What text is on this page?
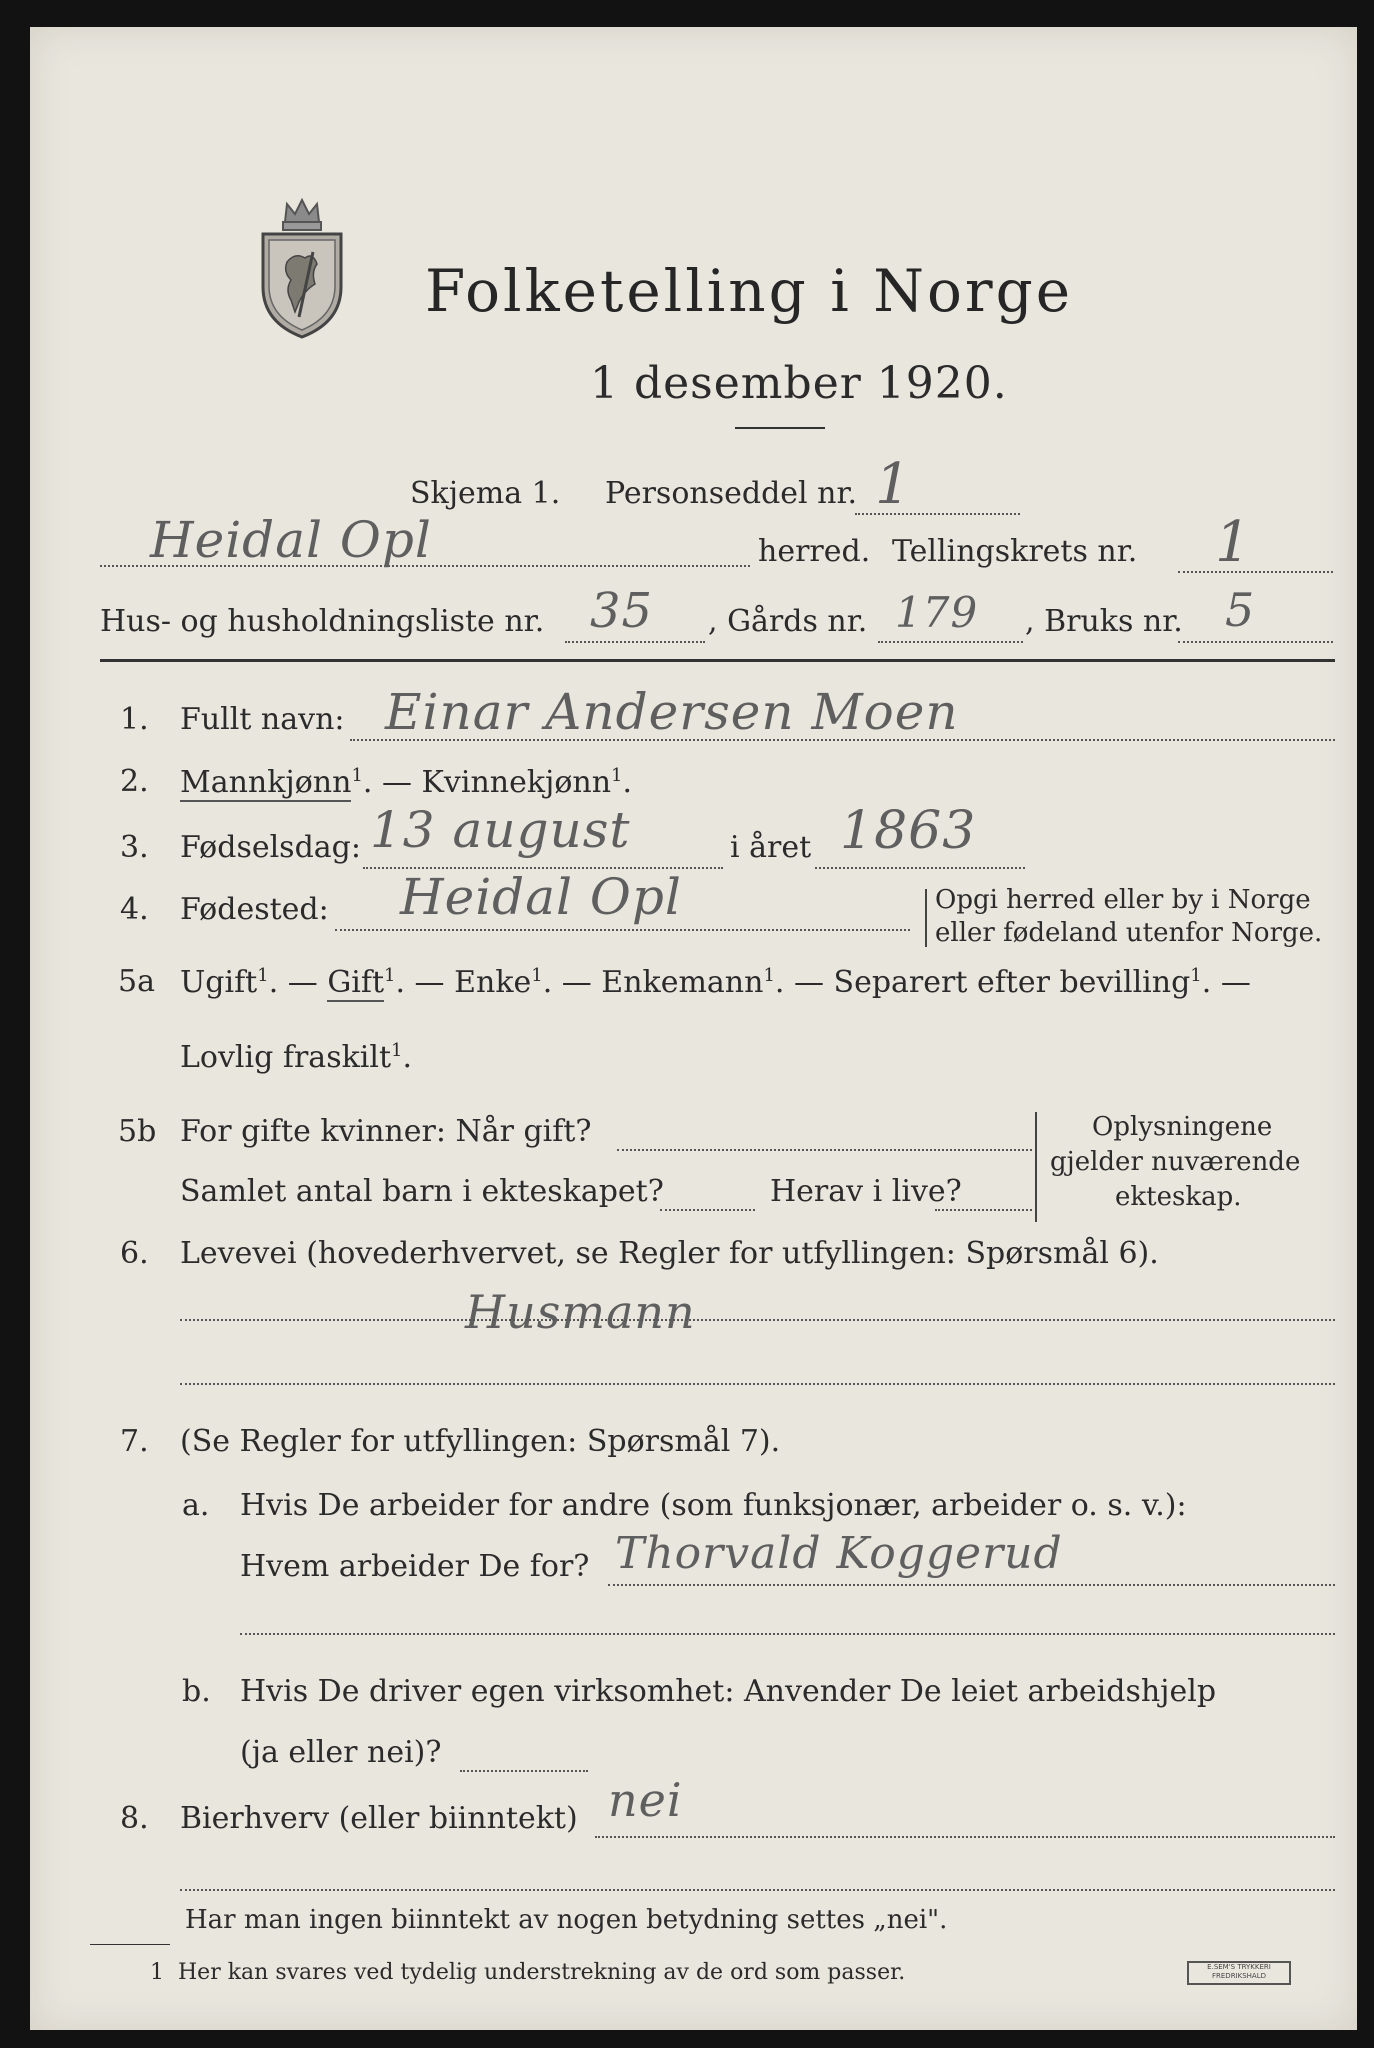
Folketelling i Norge
1 desember 1920.
Skjema 1. Personseddel nr. 1
Heidal Opl	herred. Tellingskrets nr. 1
Hus- og husholdningsliste nr. 35 , Gårds nr. 179 , Bruks nr. 5
1. Fullt navn: Einar Andersen Moen
2. Mannkjønn$^1$. — Kvinnekjønn$^1$.
3. Fødselsdag: 13 august	i året 1863
4. Fødested: Heidal Opl	Opgi herred eller by i Norge
eller fødeland utenfor Norge.
5a Ugift$^1$. — Gift$^1$. — Enke$^1$. — Enkemann$^1$. — Separert efter bevilling$^1$. —
Lovlig fraskilt$^1$.
5b For gifte kvinner: Når gift?
Samlet antal barn i ekteskapet?	Herav i live?
Oplysningene
gjelder nuværende
ekteskap.
6. Levevei (hovederhvervet, se Regler for utfyllingen: Spørsmål 6).
Husmann
7. (Se Regler for utfyllingen: Spørsmål 7).
a. Hvis De arbeider for andre (som funksjonær, arbeider o. s. v.):
Hvem arbeider De for? Thorvald Koggerud
b. Hvis De driver egen virksomhet: Anvender De leiet arbeidshjelp
(ja eller nei)?
8. Bierhverv (eller biinntekt) nei
Har man ingen biinntekt av nogen betydning settes „nei".
1 Her kan svares ved tydelig understrekning av de ord som passer.	E.SEM'S TRYKKERI FREDRIKSHALD
